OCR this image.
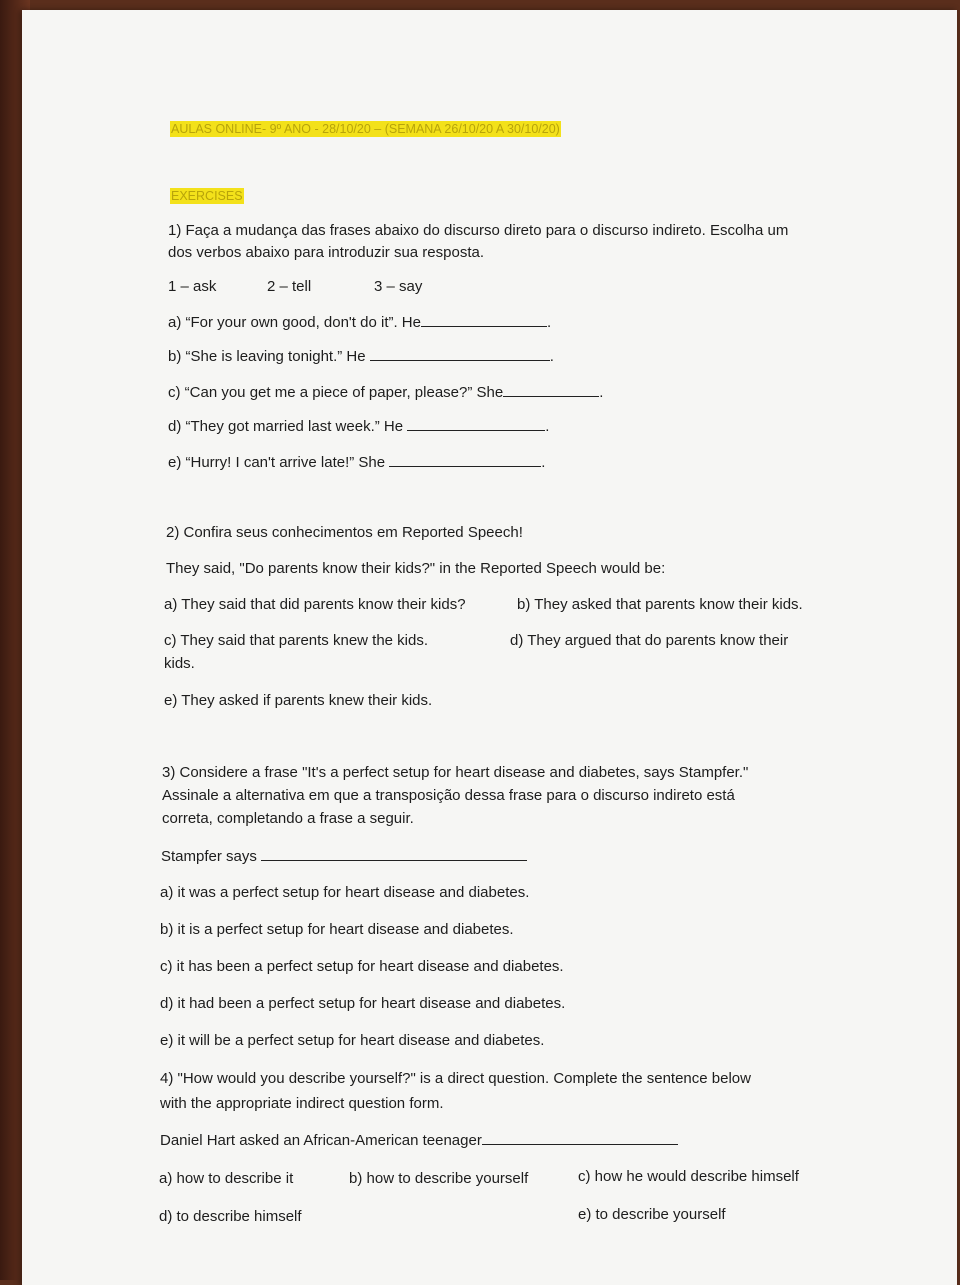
AULAS ONLINE- 9º ANO - 28/10/20 – (SEMANA 26/10/20 A 30/10/20)
EXERCISES
1) Faça a mudança das frases abaixo do discurso direto para o discurso indireto. Escolha um
dos verbos abaixo para introduzir sua resposta.
1 – ask	2 – tell	3 – say
a) “For your own good, don't do it”. He	.
b) “She is leaving tonight.” He	.
c) “Can you get me a piece of paper, please?” She	.
d) “They got married last week.” He	.
e) “Hurry! I can't arrive late!” She	.
2) Confira seus conhecimentos em Reported Speech!
They said, "Do parents know their kids?" in the Reported Speech would be:
a) They said that did parents know their kids?	b) They asked that parents know their kids.
c) They said that parents knew the kids.	d) They argued that do parents know their
kids.
e) They asked if parents knew their kids.
3) Considere a frase "It's a perfect setup for heart disease and diabetes, says Stampfer."
Assinale a alternativa em que a transposição dessa frase para o discurso indireto está
correta, completando a frase a seguir.
Stampfer says
a) it was a perfect setup for heart disease and diabetes.
b) it is a perfect setup for heart disease and diabetes.
c) it has been a perfect setup for heart disease and diabetes.
d) it had been a perfect setup for heart disease and diabetes.
e) it will be a perfect setup for heart disease and diabetes.
4) "How would you describe yourself?" is a direct question. Complete the sentence below
with the appropriate indirect question form.
Daniel Hart asked an African-American teenager
a) how to describe it	b) how to describe yourself	c) how he would describe himself
d) to describe himself	e) to describe yourself
